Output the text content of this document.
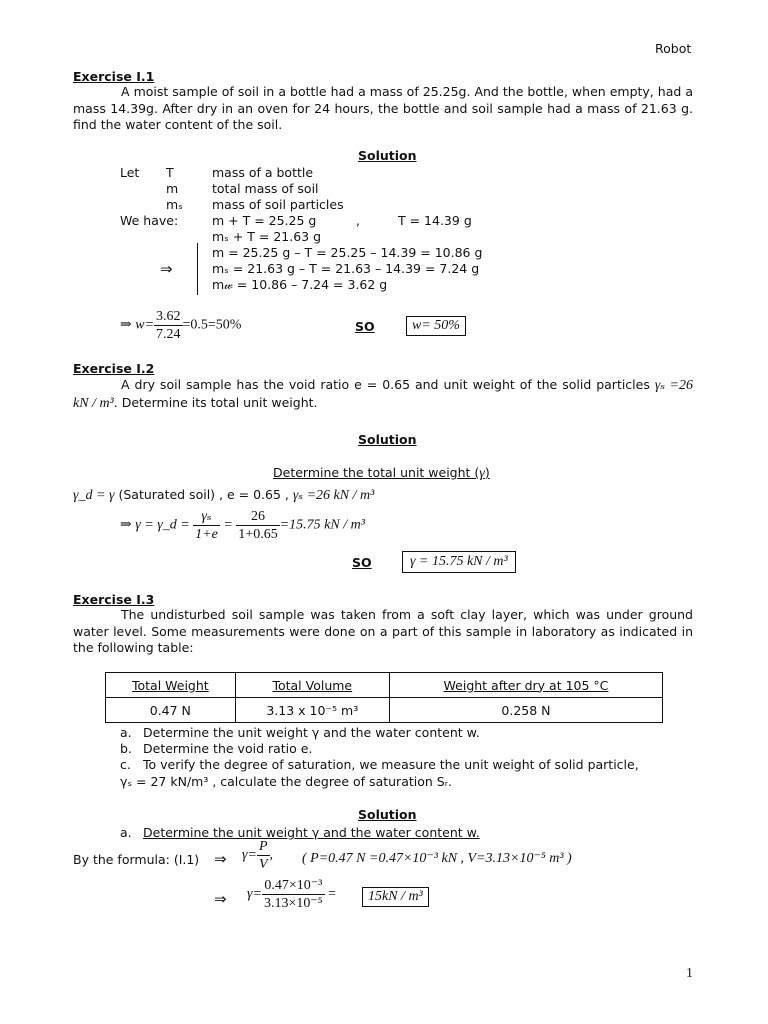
Robot
Exercise I.1
A moist sample of soil in a bottle had a mass of 25.25g. And the bottle, when empty, had a mass 14.39g. After dry in an oven for 24 hours, the bottle and soil sample had a mass of 21.63 g. find the water content of the soil.
Solution
Let T	mass of a bottle
m	total mass of soil
mₛ mass of soil particles
We have:	m + T = 25.25 g	,	T = 14.39 g
mₛ + T = 21.63 g
m = 25.25 g – T = 25.25 – 14.39 = 10.86 g
⇒	mₛ = 21.63 g – T = 21.63 – 14.39 = 7.24 g
m𝓌 = 10.86 – 7.24 = 3.62 g
⇒ $w= \frac{3.62}{7.24} =0.5=50\%$	SO	w= 50%
Exercise I.2
A dry soil sample has the void ratio e = 0.65 and unit weight of the solid particles γₛ =26 kN / m³. Determine its total unit weight.
Solution
Determine the total unit weight (γ)
γ_d = γ (Saturated soil) , e = 0.65 , γₛ =26 kN / m³
⇒ γ = γ_d = $\frac{\text{γₛ}}{1+e} = \frac{26}{1+0.65} =15.75$ kN / m³
SO	γ = 15.75 kN / m³
Exercise I.3
The undisturbed soil sample was taken from a soft clay layer, which was under ground water level. Some measurements were done on a part of this sample in laboratory as indicated in the following table:
Total Weight	Total Volume	Weight after dry at 105 °C
0.47 N	3.13 x 10⁻⁵ m³	0.258 N
a. Determine the unit weight γ and the water content w.
b. Determine the void ratio e.
c. To verify the degree of saturation, we measure the unit weight of solid particle,
γₛ = 27 kN/m³ , calculate the degree of saturation Sᵣ.
Solution
a. Determine the unit weight γ and the water content w.
By the formula: (I.1) ⇒ $\gamma= \frac{P}{V}$ , ( P=0.47 N =0.47×10⁻³ kN , V=3.13×10⁻⁵ m³ )
⇒ $\gamma= \frac{\text{0.47×10⁻³}}{\text{3.13×10⁻⁵}}$ =	15kN / m³
1
